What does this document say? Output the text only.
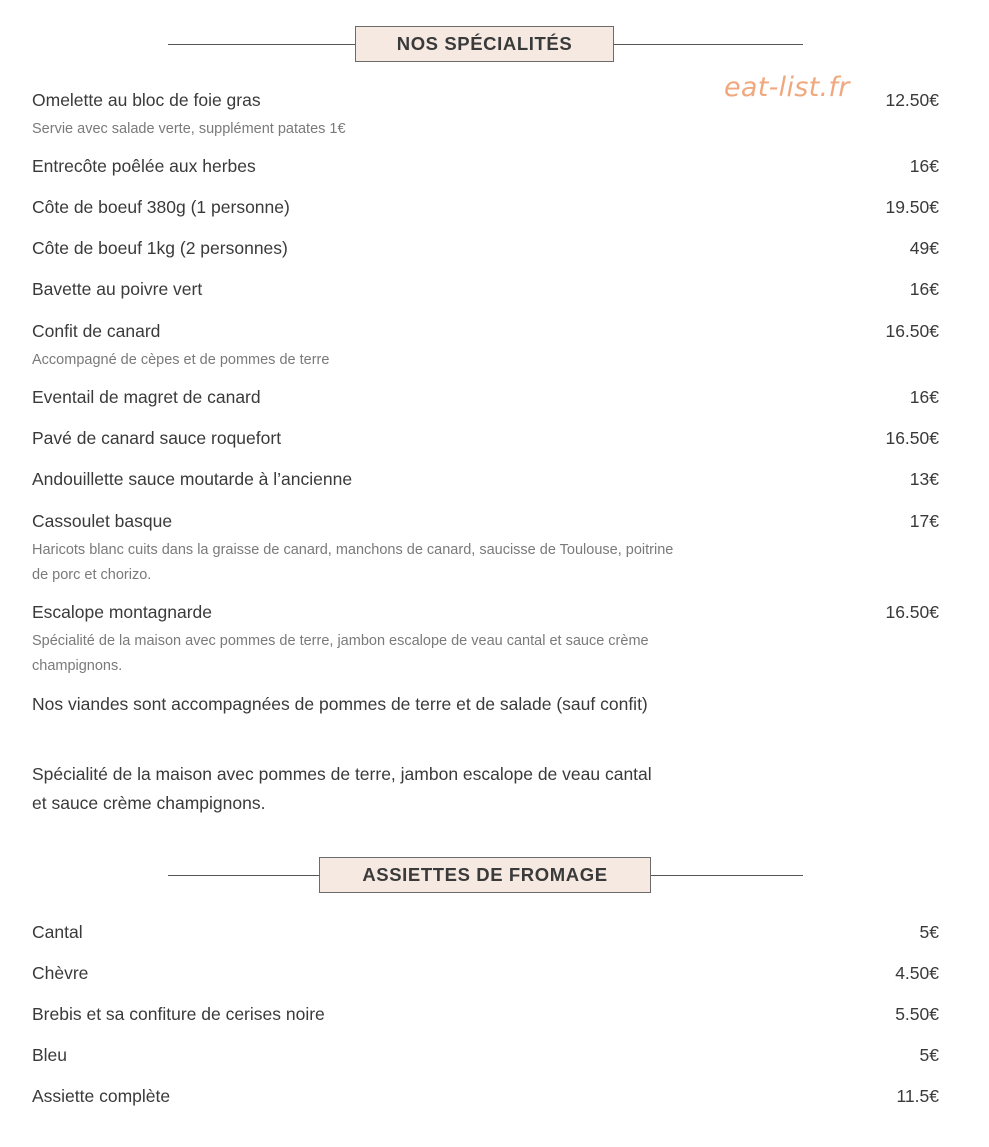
NOS SPÉCIALITÉS
eat-list.fr
Omelette au bloc de foie gras	12.50€
Servie avec salade verte, supplément patates 1€
Entrecôte poêlée aux herbes	16€
Côte de boeuf 380g (1 personne)	19.50€
Côte de boeuf 1kg (2 personnes)	49€
Bavette au poivre vert	16€
Confit de canard	16.50€
Accompagné de cèpes et de pommes de terre
Eventail de magret de canard	16€
Pavé de canard sauce roquefort	16.50€
Andouillette sauce moutarde à l’ancienne	13€
Cassoulet basque	17€
Haricots blanc cuits dans la graisse de canard, manchons de canard, saucisse de Toulouse, poitrine de porc et chorizo.
Escalope montagnarde	16.50€
Spécialité de la maison avec pommes de terre, jambon escalope de veau cantal et sauce crème champignons.
Nos viandes sont accompagnées de pommes de terre et de salade (sauf confit)
Spécialité de la maison avec pommes de terre, jambon escalope de veau cantal et sauce crème champignons.
ASSIETTES DE FROMAGE
Cantal	5€
Chèvre	4.50€
Brebis et sa confiture de cerises noire	5.50€
Bleu	5€
Assiette complète	11.5€
